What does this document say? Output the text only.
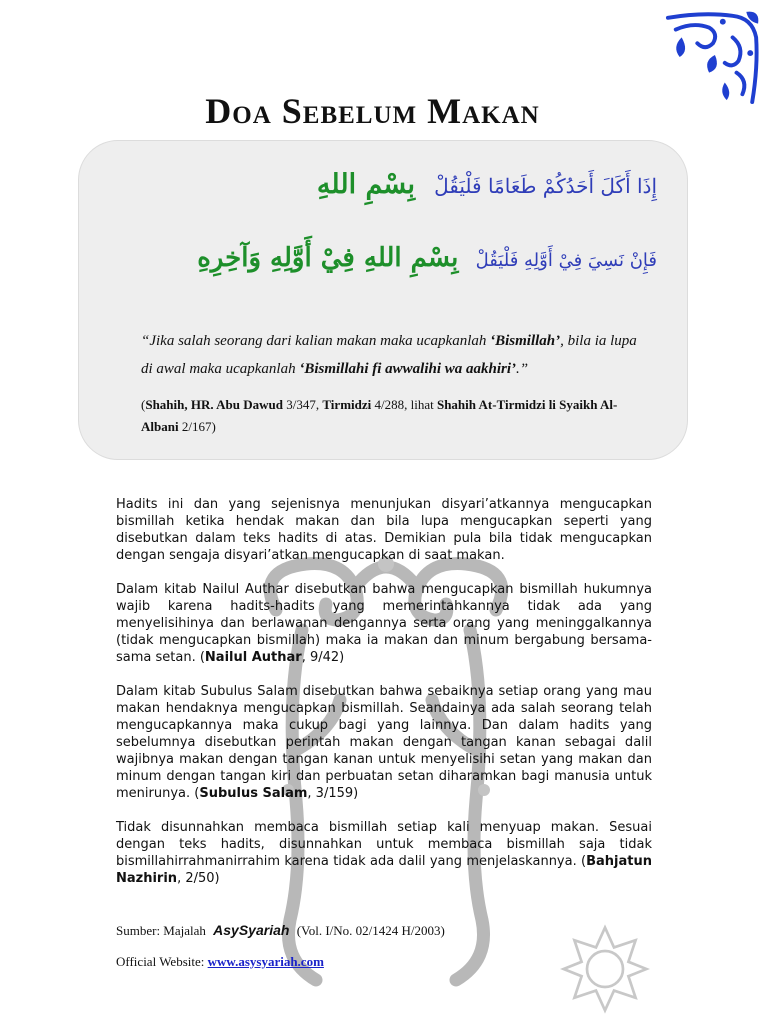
Doa Sebelum Makan
إِذَا أَكَلَ أَحَدُكُمْ طَعَامًا فَلْيَقُلْ   بِسْمِ اللهِ
فَإِنْ نَسِيَ فِيْ أَوَّلِهِ فَلْيَقُلْ   بِسْمِ اللهِ فِيْ أَوَّلِهِ وَآخِرِهِ
“Jika salah seorang dari kalian makan maka ucapkanlah ‘Bismillah’, bila ia lupa di awal maka ucapkanlah ‘Bismillahi fi awwalihi wa aakhiri’.”
(Shahih, HR. Abu Dawud 3/347, Tirmidzi 4/288, lihat Shahih At-Tirmidzi li Syaikh Al-Albani 2/167)

Hadits ini dan yang sejenisnya menunjukan disyari’atkannya mengucapkan bismillah ketika hendak makan dan bila lupa mengucapkan seperti yang disebutkan dalam teks hadits di atas. Demikian pula bila tidak mengucapkan dengan sengaja disyari’atkan mengucapkan di saat makan.

Dalam kitab Nailul Authar disebutkan bahwa mengucapkan bismillah hukumnya wajib karena hadits-hadits yang memerintahkannya tidak ada yang menyelisihinya dan berlawanan dengannya serta orang yang meninggalkannya (tidak mengucapkan bismillah) maka ia makan dan minum bergabung bersama-sama setan. (Nailul Authar, 9/42)

Dalam kitab Subulus Salam disebutkan bahwa sebaiknya setiap orang yang mau makan hendaknya mengucapkan bismillah. Seandainya ada salah seorang telah mengucapkannya maka cukup bagi yang lainnya. Dan dalam hadits yang sebelumnya disebutkan perintah makan dengan tangan kanan sebagai dalil wajibnya makan dengan tangan kanan untuk menyelisihi setan yang makan dan minum dengan tangan kiri dan perbuatan setan diharamkan bagi manusia untuk menirunya. (Subulus Salam, 3/159)

Tidak disunnahkan membaca bismillah setiap kali menyuap makan. Sesuai dengan teks hadits, disunnahkan untuk membaca bismillah saja tidak bismillahirrahmanirrahim karena tidak ada dalil yang menjelaskannya. (Bahjatun Nazhirin, 2/50)

Sumber: Majalah AsySyariah (Vol. I/No. 02/1424 H/2003)
Official Website: www.asysyariah.com
